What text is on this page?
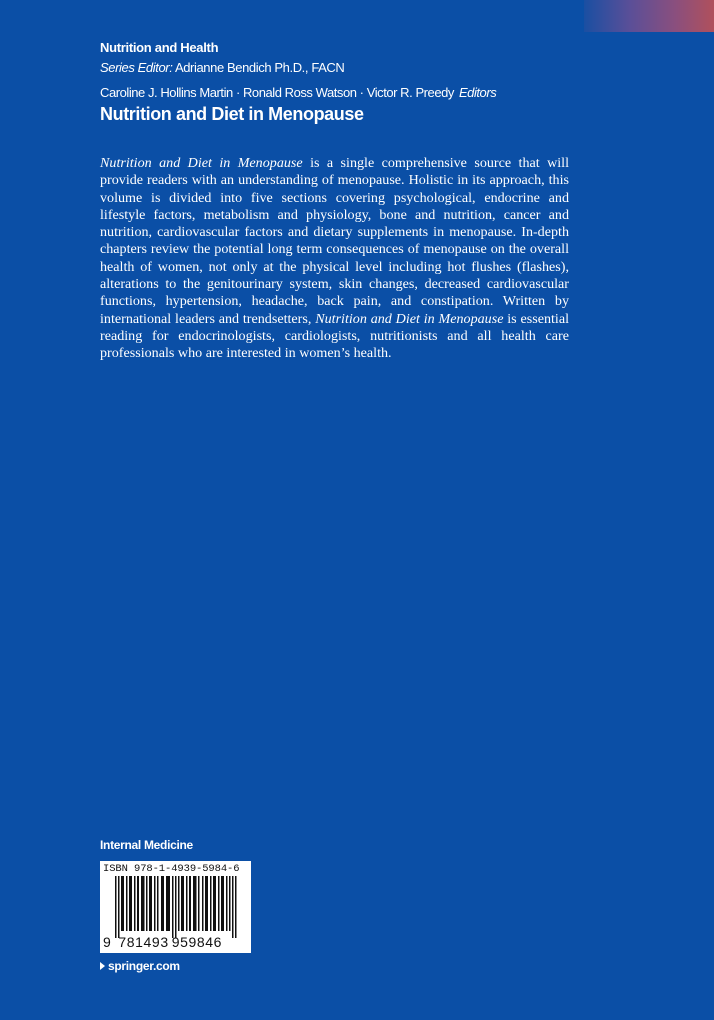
Nutrition and Health
Series Editor: Adrianne Bendich Ph.D., FACN
Caroline J. Hollins Martin · Ronald Ross Watson · Victor R. Preedy Editors
Nutrition and Diet in Menopause
Nutrition and Diet in Menopause is a single comprehensive source that will provide readers with an understanding of menopause. Holistic in its approach, this volume is divided into five sections covering psychological, endocrine and lifestyle factors, metabolism and physiology, bone and nutrition, cancer and nutrition, cardiovascular factors and dietary supplements in menopause. In-depth chapters review the potential long term consequences of menopause on the overall health of women, not only at the physical level including hot flushes (flashes), alterations to the genitourinary system, skin changes, decreased cardiovascular functions, hypertension, headache, back pain, and constipation. Written by international leaders and trendsetters, Nutrition and Diet in Menopause is essential reading for endocrinologists, cardiologists, nutritionists and all health care professionals who are interested in women’s health.
Internal Medicine
ISBN 978-1-4939-5984-6
9 781493 959846
springer.com
